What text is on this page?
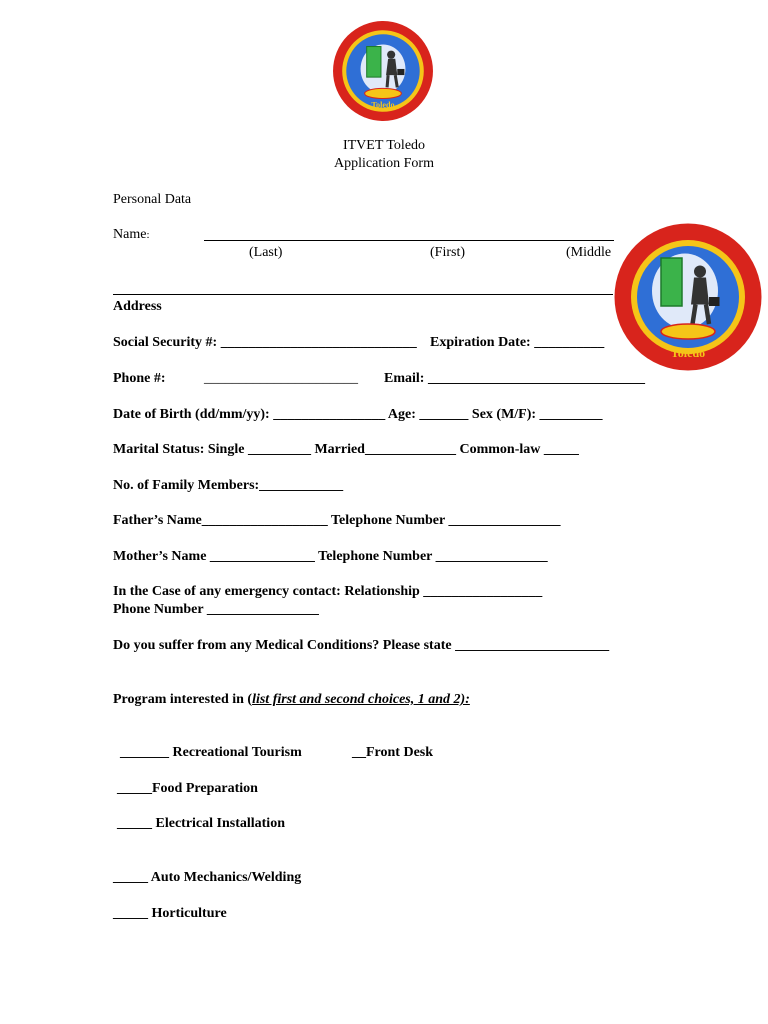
Toledo
ITVET Toledo
Application Form
Personal Data
Name:
(Last)	(First)	(Middle
Address
Toledo
Social Security #: ____________________________ Expiration Date: __________
Phone #:	______________________ Email: _______________________________
Date of Birth (dd/mm/yy): ________________ Age: _______ Sex (M/F): _________
Marital Status: Single _________ Married_____________ Common-law _____
No. of Family Members:____________
Father’s Name__________________ Telephone Number ________________
Mother’s Name _______________ Telephone Number ________________
In the Case of any emergency contact: Relationship _________________
Phone Number ________________
Do you suffer from any Medical Conditions? Please state ______________________
Program interested in (list first and second choices, 1 and 2):
_______ Recreational Tourism	__Front Desk
_____Food Preparation
_____ Electrical Installation
_____ Auto Mechanics/Welding
_____ Horticulture
